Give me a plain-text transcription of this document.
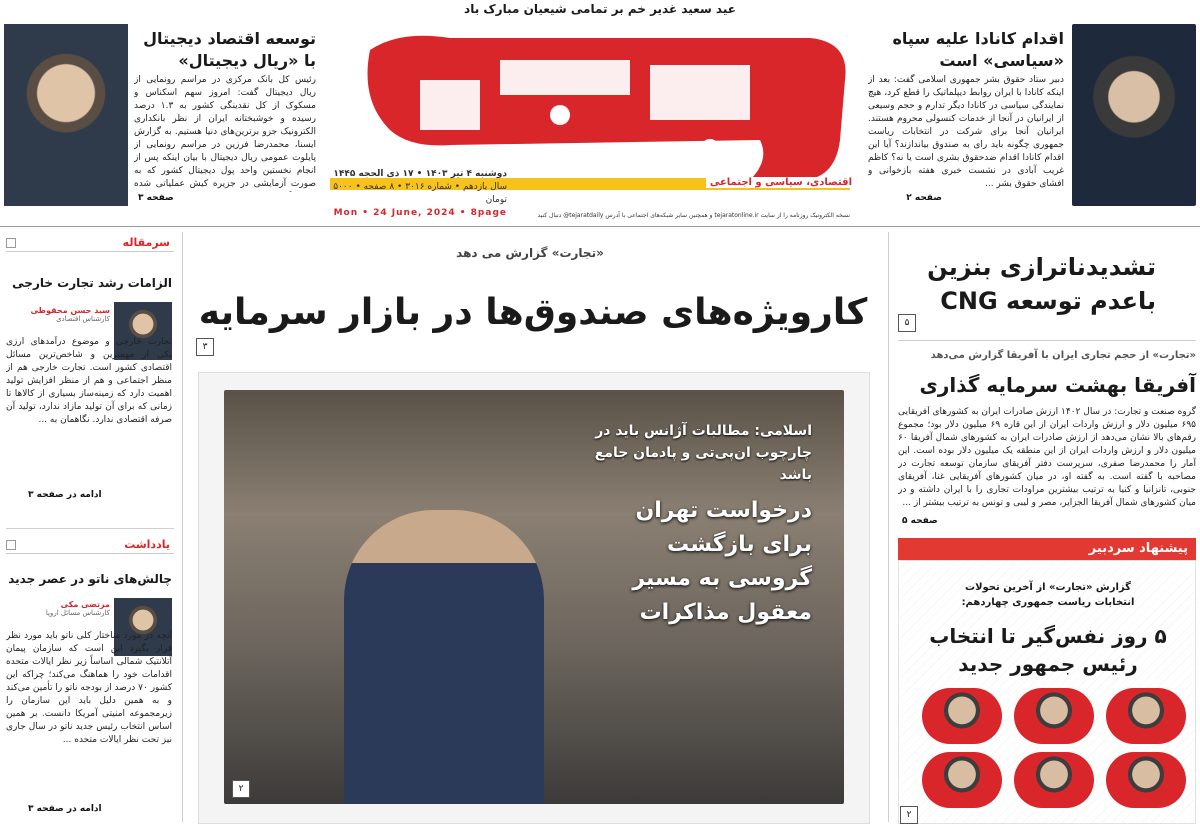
عید سعید غدیر خم بر تمامی شیعیان مبارک باد
اقدام کانادا علیه سپاه
«سیاسی» است
دبیر ستاد حقوق بشر جمهوری اسلامی گفت: بعد از اینکه کانادا با ایران روابط دیپلماتیک را قطع کرد، هیچ نمایندگی سیاسی در کانادا دیگر تدارم و حجم وسیعی از ایرانیان در آنجا از خدمات کنسولی محروم هستند. ایرانیان آنجا برای شرکت در انتخابات ریاست جمهوری چگونه باید رای به صندوق بیاندازند؟ آیا این اقدام کانادا اقدام ضدحقوق بشری است یا نه؟ کاظم غریب آبادی در نشست خبری هفته بازخوانی و افشای حقوق بشر ...
صفحه ۲
اقتصادی، سیاسی و اجتماعی
دوشنبه ۴ تیر ۱۴۰۳ • ۱۷ ذی الحجه ۱۴۴۵
سال یازدهم • شماره ۳۰۱۶ • ۸ صفحه • ۵۰۰۰ تومان
Mon • 24 June, 2024 • 8page	نسخه الکترونیک روزنامه را از سایت tejaratonline.ir و همچنین سایر شبکه‌های اجتماعی با آدرس tejaratdaily@ دنبال کنید
توسعه اقتصاد دیجیتال
با «ریال دیجیتال»
رئیس کل بانک مرکزی در مراسم رونمایی از ریال دیجیتال گفت: امروز سهم اسکناس و مسکوک از کل نقدینگی کشور به ۱.۳ درصد رسیده و خوشبختانه ایران از نظر بانکداری الکترونیک جزو برترین‌های دنیا هستیم. به گزارش ایسنا، محمدرضا فرزین در مراسم رونمایی از پایلوت عمومی ریال دیجیتال با بیان اینکه پس از انجام نخستین واحد پول دیجیتال کشور که به صورت آزمایشی در جزیره کیش عملیاتی شده
صفحه ۳
سرمقاله
الزامات رشد تجارت خارجی
سید حسن محقوظی
کارشناس اقتصادی
تجارت خارجی و موضوع درآمدهای ارزی یکی از مهمترین و شاخص‌ترین مسائل اقتصادی کشور است. تجارت خارجی هم از منظر اجتماعی و هم از منظر افزایش تولید اهمیت دارد که زمینه‌ساز بسیاری از کالاها تا زمانی که برای آن تولید مازاد ندارد، تولید آن صرفه اقتصادی ندارد. نگاهمان به ...
ادامه در صفحه ۳
یادداشت
چالش‌های ناتو در عصر جدید
مرتضی مکی
کارشناس مسائل اروپا
آنچه در مورد ساختار کلی ناتو باید مورد نظر قرار بگیرد این است که سازمان پیمان آتلانتیک شمالی اساساً زیر نظر ایالات متحده اقدامات خود را هماهنگ می‌کند؛ چراکه این کشور ۷۰ درصد از بودجه ناتو را تأمین می‌کند و به همین دلیل باید این سازمان را زیرمجموعه امنیتی آمریکا دانست. بر همین اساس انتخاب رئیس جدید ناتو در سال جاری نیز تحت نظر ایالات متحده ...
ادامه در صفحه ۳
«تجارت» گزارش می دهد
کارویژه‌های صندوق‌ها در بازار سرمایه
۳
اسلامی: مطالبات آژانس باید در چارچوب ان‌پی‌تی و پادمان جامع باشد
درخواست تهران برای بازگشت گروسی به مسیر معقول مذاکرات
۲
تشدیدناترازی بنزین باعدم توسعه CNG
۵
«تجارت» از حجم تجاری ایران با آفریقا گزارش می‌دهد
آفریقا بهشت سرمایه گذاری
گروه صنعت و تجارت: در سال ۱۴۰۲ ارزش صادرات ایران به کشورهای آفریقایی ۶۹۵ میلیون دلار و ارزش واردات ایران از این قاره ۶۹ میلیون دلار بود؛ مجموع رقم‌های بالا نشان می‌دهد از ارزش صادرات ایران به کشورهای شمال آفریقا ۶۰ میلیون دلار و ارزش واردات ایران از این منطقه یک میلیون دلار بوده است. این آمار را محمدرضا صفری، سرپرست دفتر آفریقای سازمان توسعه تجارت در مصاحبه با گفته است. به گفته او، در میان کشورهای آفریقایی غنا، آفریقای جنوبی، تانزانیا و کنیا به ترتیب بیشترین مراودات تجاری را با ایران داشته و در میان کشورهای شمال آفریقا الجزایر، مصر و لیبی و تونس به ترتیب بیشتر از ...
صفحه ۵
پیشنهاد سردبیر
گزارش «تجارت» از آخرین تحولات
انتخابات ریاست جمهوری چهاردهم:
۵ روز نفس‌گیر تا انتخاب رئیس جمهور جدید
۲
